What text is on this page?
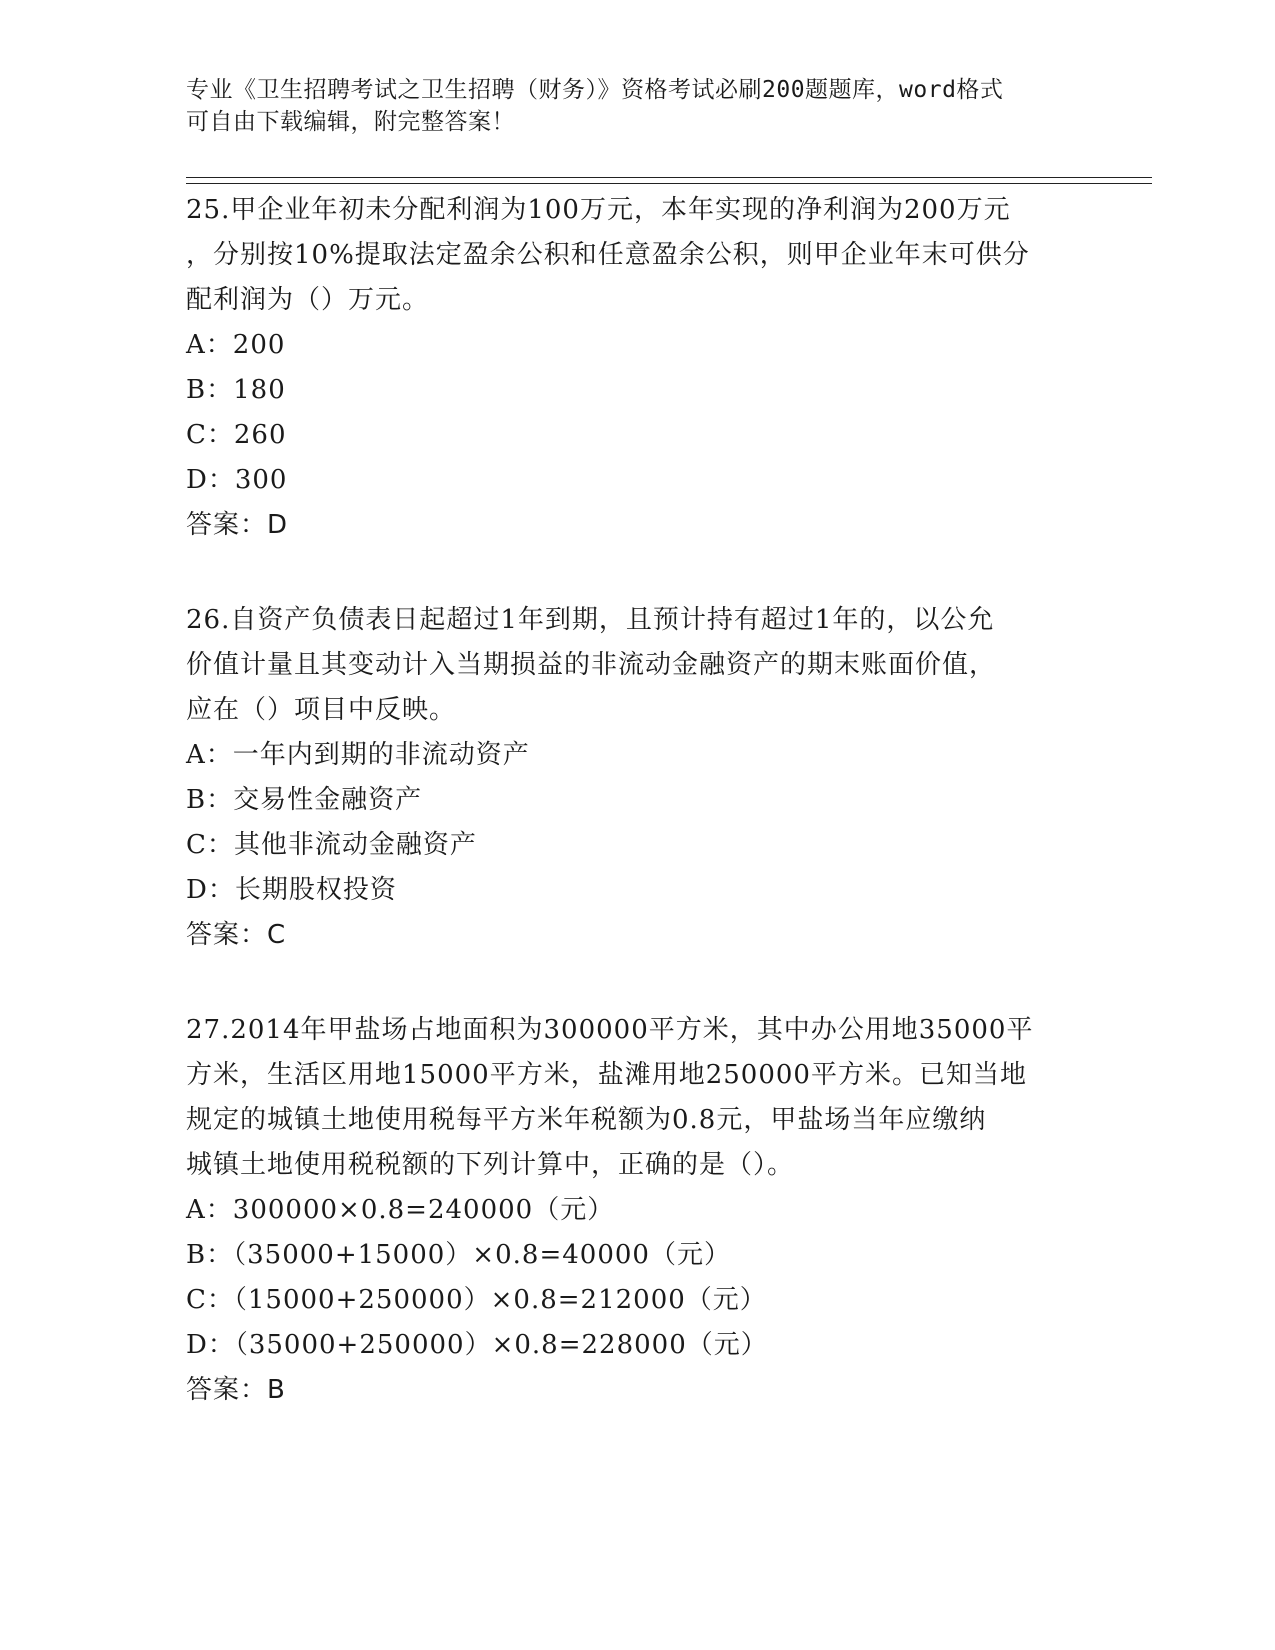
专业《卫生招聘考试之卫生招聘（财务）》资格考试必刷200题题库，word格式
可自由下载编辑，附完整答案！
25.甲企业年初未分配利润为100万元，本年实现的净利润为200万元
，分别按10%提取法定盈余公积和任意盈余公积，则甲企业年末可供分
配利润为（）万元。
A：200
B：180
C：260
D：300
答案：D
26.自资产负债表日起超过1年到期，且预计持有超过1年的，以公允
价值计量且其变动计入当期损益的非流动金融资产的期末账面价值，
应在（）项目中反映。
A：一年内到期的非流动资产
B：交易性金融资产
C：其他非流动金融资产
D：长期股权投资
答案：C
27.2014年甲盐场占地面积为300000平方米，其中办公用地35000平
方米，生活区用地15000平方米，盐滩用地250000平方米。已知当地
规定的城镇土地使用税每平方米年税额为0.8元，甲盐场当年应缴纳
城镇土地使用税税额的下列计算中，正确的是（）。
A：300000×0.8=240000（元）
B：（35000+15000）×0.8=40000（元）
C：（15000+250000）×0.8=212000（元）
D：（35000+250000）×0.8=228000（元）
答案：B
